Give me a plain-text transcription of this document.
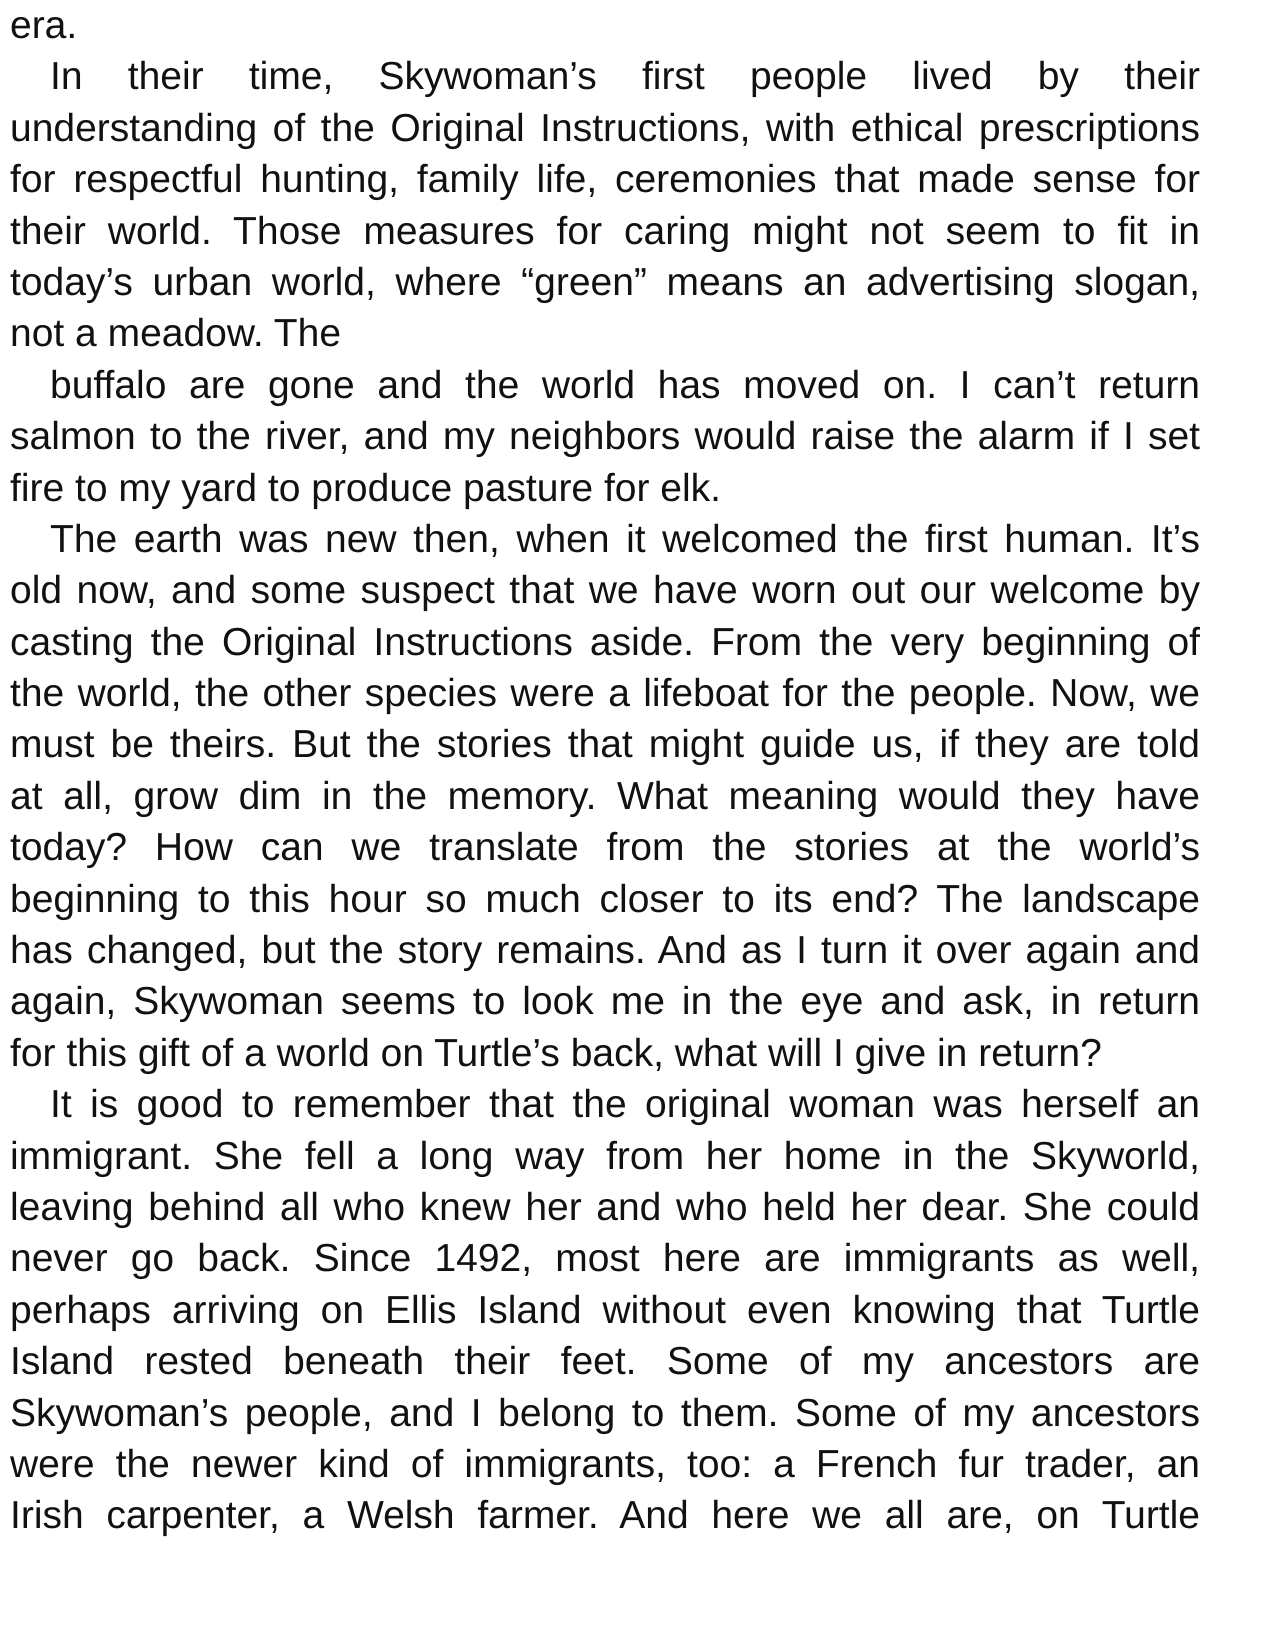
era.
In their time, Skywoman’s first people lived by their
understanding of the Original Instructions, with ethical prescriptions
for respectful hunting, family life, ceremonies that made sense for
their world. Those measures for caring might not seem to fit in
today’s urban world, where “green” means an advertising slogan,
not a meadow. The
buffalo are gone and the world has moved on. I can’t return
salmon to the river, and my neighbors would raise the alarm if I set
fire to my yard to produce pasture for elk.
The earth was new then, when it welcomed the first human. It’s
old now, and some suspect that we have worn out our welcome by
casting the Original Instructions aside. From the very beginning of
the world, the other species were a lifeboat for the people. Now, we
must be theirs. But the stories that might guide us, if they are told
at all, grow dim in the memory. What meaning would they have
today? How can we translate from the stories at the world’s
beginning to this hour so much closer to its end? The landscape
has changed, but the story remains. And as I turn it over again and
again, Skywoman seems to look me in the eye and ask, in return
for this gift of a world on Turtle’s back, what will I give in return?
It is good to remember that the original woman was herself an
immigrant. She fell a long way from her home in the Skyworld,
leaving behind all who knew her and who held her dear. She could
never go back. Since 1492, most here are immigrants as well,
perhaps arriving on Ellis Island without even knowing that Turtle
Island rested beneath their feet. Some of my ancestors are
Skywoman’s people, and I belong to them. Some of my ancestors
were the newer kind of immigrants, too: a French fur trader, an
Irish carpenter, a Welsh farmer. And here we all are, on Turtle
